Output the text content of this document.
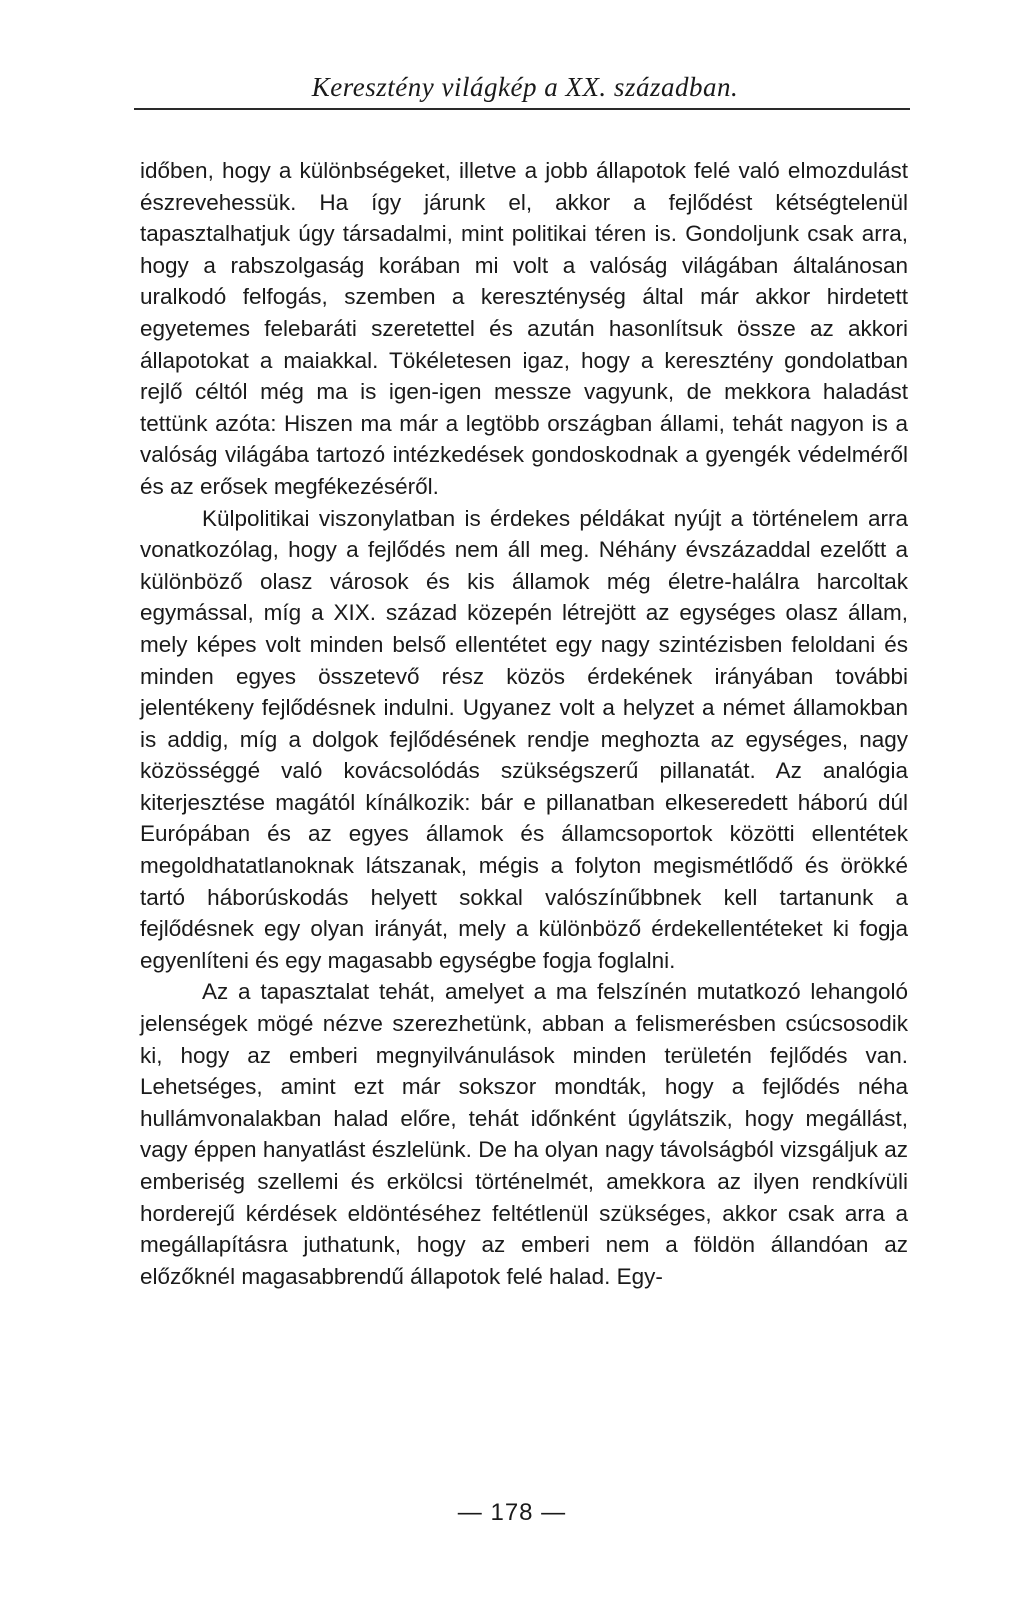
Keresztény világkép a XX. században.

időben, hogy a különbségeket, illetve a jobb állapotok felé való elmozdulást észrevehessük. Ha így járunk el, akkor a fejlődést kétségtelenül tapasztalhatjuk úgy társadalmi, mint politikai téren is. Gondoljunk csak arra, hogy a rabszolgaság korában mi volt a valóság világában általánosan uralkodó felfogás, szemben a kereszténység által már akkor hirdetett egyetemes felebaráti szeretettel és azután hasonlítsuk össze az akkori állapotokat a maiakkal. Tökéletesen igaz, hogy a keresztény gondolatban rejlő céltól még ma is igen-igen messze vagyunk, de mekkora haladást tettünk azóta: Hiszen ma már a legtöbb országban állami, tehát nagyon is a valóság világába tartozó intézkedések gondoskodnak a gyengék védelméről és az erősek megfékezéséről.

Külpolitikai viszonylatban is érdekes példákat nyújt a történelem arra vonatkozólag, hogy a fejlődés nem áll meg. Néhány évszázaddal ezelőtt a különböző olasz városok és kis államok még életre-halálra harcoltak egymással, míg a XIX. század közepén létrejött az egységes olasz állam, mely képes volt minden belső ellentétet egy nagy szintézisben feloldani és minden egyes összetevő rész közös érdekének irányában további jelentékeny fejlődésnek indulni. Ugyanez volt a helyzet a német államokban is addig, míg a dolgok fejlődésének rendje meghozta az egységes, nagy közösséggé való kovácsolódás szükségszerű pillanatát. Az analógia kiterjesztése magától kínálkozik: bár e pillanatban elkeseredett háború dúl Európában és az egyes államok és államcsoportok közötti ellentétek megoldhatatlanoknak látszanak, mégis a folyton megismétlődő és örökké tartó háborúskodás helyett sokkal valószínűbbnek kell tartanunk a fejlődésnek egy olyan irányát, mely a különböző érdekellentéteket ki fogja egyenlíteni és egy magasabb egységbe fogja foglalni.

Az a tapasztalat tehát, amelyet a ma felszínén mutatkozó lehangoló jelenségek mögé nézve szerezhetünk, abban a felismerésben csúcsosodik ki, hogy az emberi megnyilvánulások minden területén fejlődés van. Lehetséges, amint ezt már sokszor mondták, hogy a fejlődés néha hullámvonalakban halad előre, tehát időnként úgylátszik, hogy megállást, vagy éppen hanyatlást észlelünk. De ha olyan nagy távolságból vizsgáljuk az emberiség szellemi és erkölcsi történelmét, amekkora az ilyen rendkívüli horderejű kérdések eldöntéséhez feltétlenül szükséges, akkor csak arra a megállapításra juthatunk, hogy az emberi nem a földön állandóan az előzőknél magasabbrendű állapotok felé halad. Egy-

— 178 —
